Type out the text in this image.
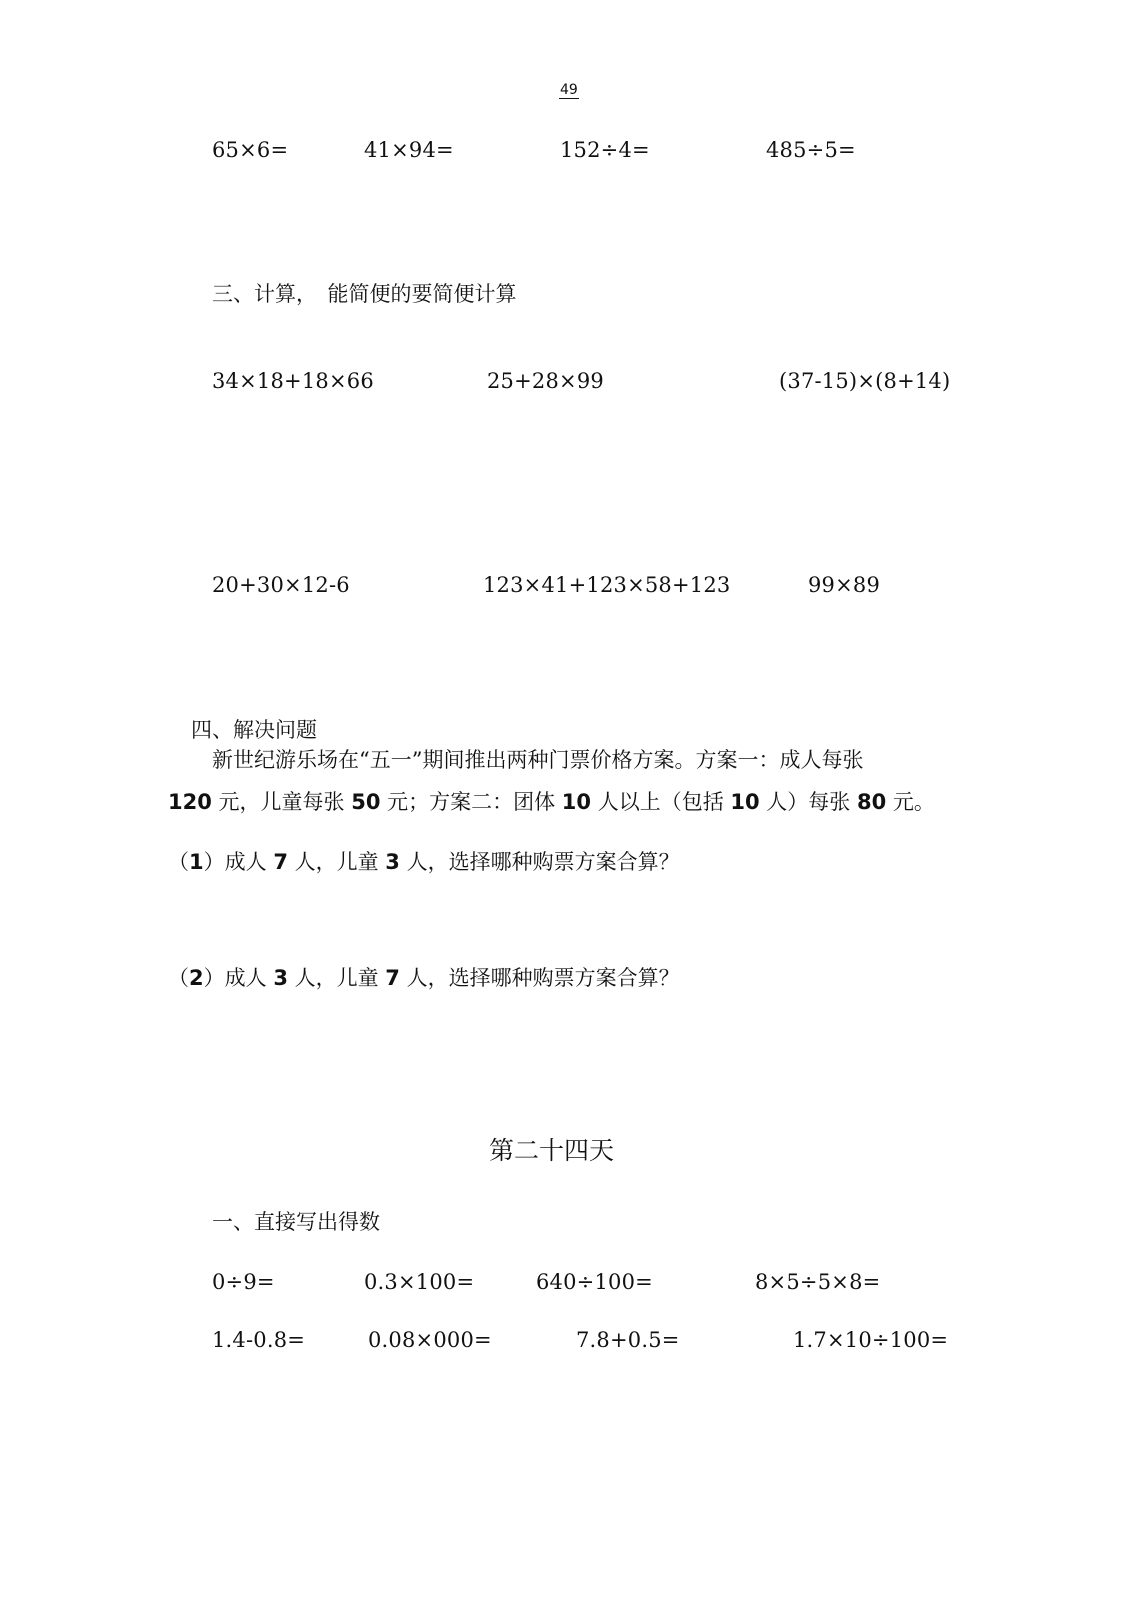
49
65×6=	41×94=	152÷4=	485÷5=
三、计算，　能简便的要简便计算
34×18+18×66	25+28×99	(37-15)×(8+14)
20+30×12-6	123×41+123×58+123	99×89
四、解决问题
新世纪游乐场在“五一”期间推出两种门票价格方案。方案一：成人每张
120 元，儿童每张 50 元；方案二：团体 10 人以上（包括 10 人）每张 80 元。
（1）成人 7 人，儿童 3 人，选择哪种购票方案合算？
（2）成人 3 人，儿童 7 人，选择哪种购票方案合算？
第二十四天
一、直接写出得数
0÷9=	0.3×100=	640÷100=	8×5÷5×8=
1.4-0.8=	0.08×000=	7.8+0.5=	1.7×10÷100=
